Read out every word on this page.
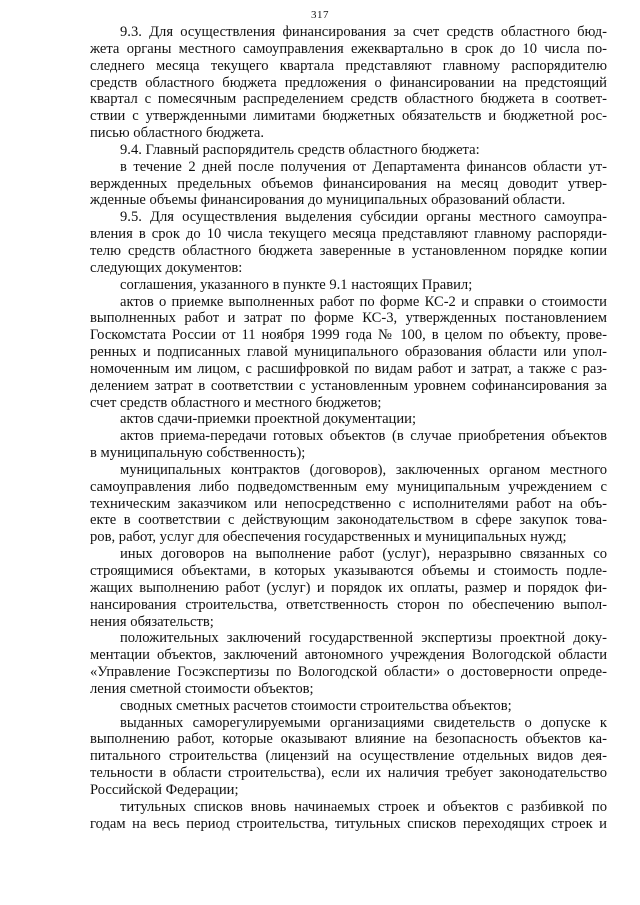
317
9.3. Для осуществления финансирования за счет средств областного бюд-
жета органы местного самоуправления ежеквартально в срок до 10 числа по-
следнего месяца текущего квартала представляют главному распорядителю
средств областного бюджета предложения о финансировании на предстоящий
квартал с помесячным распределением средств областного бюджета в соответ-
ствии с утвержденными лимитами бюджетных обязательств и бюджетной рос-
писью областного бюджета.
9.4. Главный распорядитель средств областного бюджета:
в течение 2 дней после получения от Департамента финансов области ут-
вержденных предельных объемов финансирования на месяц доводит утвер-
жденные объемы финансирования до муниципальных образований области.
9.5. Для осуществления выделения субсидии органы местного самоупра-
вления в срок до 10 числа текущего месяца представляют главному распоряди-
телю средств областного бюджета заверенные в установленном порядке копии
следующих документов:
соглашения, указанного в пункте 9.1 настоящих Правил;
актов о приемке выполненных работ по форме КС-2 и справки о стоимости
выполненных работ и затрат по форме КС-3, утвержденных постановлением
Госкомстата России от 11 ноября 1999 года № 100, в целом по объекту, прове-
ренных и подписанных главой муниципального образования области или упол-
номоченным им лицом, с расшифровкой по видам работ и затрат, а также с раз-
делением затрат в соответствии с установленным уровнем софинансирования за
счет средств областного и местного бюджетов;
актов сдачи-приемки проектной документации;
актов приема-передачи готовых объектов (в случае приобретения объектов
в муниципальную собственность);
муниципальных контрактов (договоров), заключенных органом местного
самоуправления либо подведомственным ему муниципальным учреждением с
техническим заказчиком или непосредственно с исполнителями работ на объ-
екте в соответствии с действующим законодательством в сфере закупок това-
ров, работ, услуг для обеспечения государственных и муниципальных нужд;
иных договоров на выполнение работ (услуг), неразрывно связанных со
строящимися объектами, в которых указываются объемы и стоимость подле-
жащих выполнению работ (услуг) и порядок их оплаты, размер и порядок фи-
нансирования строительства, ответственность сторон по обеспечению выпол-
нения обязательств;
положительных заключений государственной экспертизы проектной доку-
ментации объектов, заключений автономного учреждения Вологодской области
«Управление Госэкспертизы по Вологодской области» о достоверности опреде-
ления сметной стоимости объектов;
сводных сметных расчетов стоимости строительства объектов;
выданных саморегулируемыми организациями свидетельств о допуске к
выполнению работ, которые оказывают влияние на безопасность объектов ка-
питального строительства (лицензий на осуществление отдельных видов дея-
тельности в области строительства), если их наличия требует законодательство
Российской Федерации;
титульных списков вновь начинаемых строек и объектов с разбивкой по
годам на весь период строительства, титульных списков переходящих строек и
